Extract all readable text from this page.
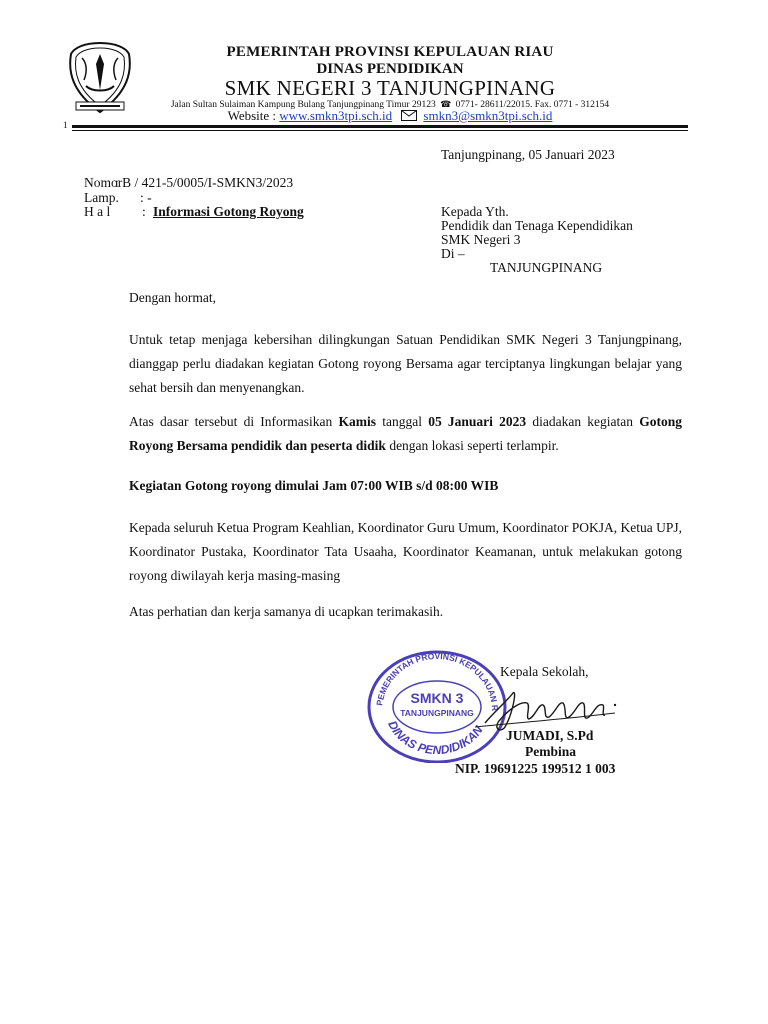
PEMERINTAH PROVINSI KEPULAUAN RIAU
DINAS PENDIDIKAN
SMK NEGERI 3 TANJUNGPINANG
Jalan Sultan Sulaiman Kampung Bulang Tanjungpinang Timur 29123 ☎ 0771- 28611/22015. Fax. 0771 - 312154
Website : www.smkn3tpi.sch.id smkn3@smkn3tpi.sch.id
1
Tanjungpinang, 05 Januari 2023
Nomor
: B / 421-5/0005/I-SMKN3/2023
Lamp. : -
H a l : Informasi Gotong Royong	Kepada Yth.
Pendidik dan Tenaga Kependidikan
SMK Negeri 3
Di –
TANJUNGPINANG
Dengan hormat,
Untuk tetap menjaga kebersihan dilingkungan Satuan Pendidikan SMK Negeri 3 Tanjungpinang, dianggap perlu diadakan kegiatan Gotong royong Bersama agar terciptanya lingkungan belajar yang sehat bersih dan menyenangkan.
Atas dasar tersebut di Informasikan Kamis tanggal 05 Januari 2023 diadakan kegiatan Gotong Royong Bersama pendidik dan peserta didik dengan lokasi seperti terlampir.
Kegiatan Gotong royong dimulai Jam 07:00 WIB s/d 08:00 WIB
Kepada seluruh Ketua Program Keahlian, Koordinator Guru Umum, Koordinator POKJA, Ketua UPJ, Koordinator Pustaka, Koordinator Tata Usaaha, Koordinator Keamanan, untuk melakukan gotong royong diwilayah kerja masing-masing
Atas perhatian dan kerja samanya di ucapkan terimakasih.
PEMERINTAH PROVINSI KEPULAUAN R
SMKN 3
TANJUNGPINANG
DINAS PENDIDIKAN
Kepala Sekolah,
JUMADI, S.Pd
Pembina
NIP. 19691225 199512 1 003
